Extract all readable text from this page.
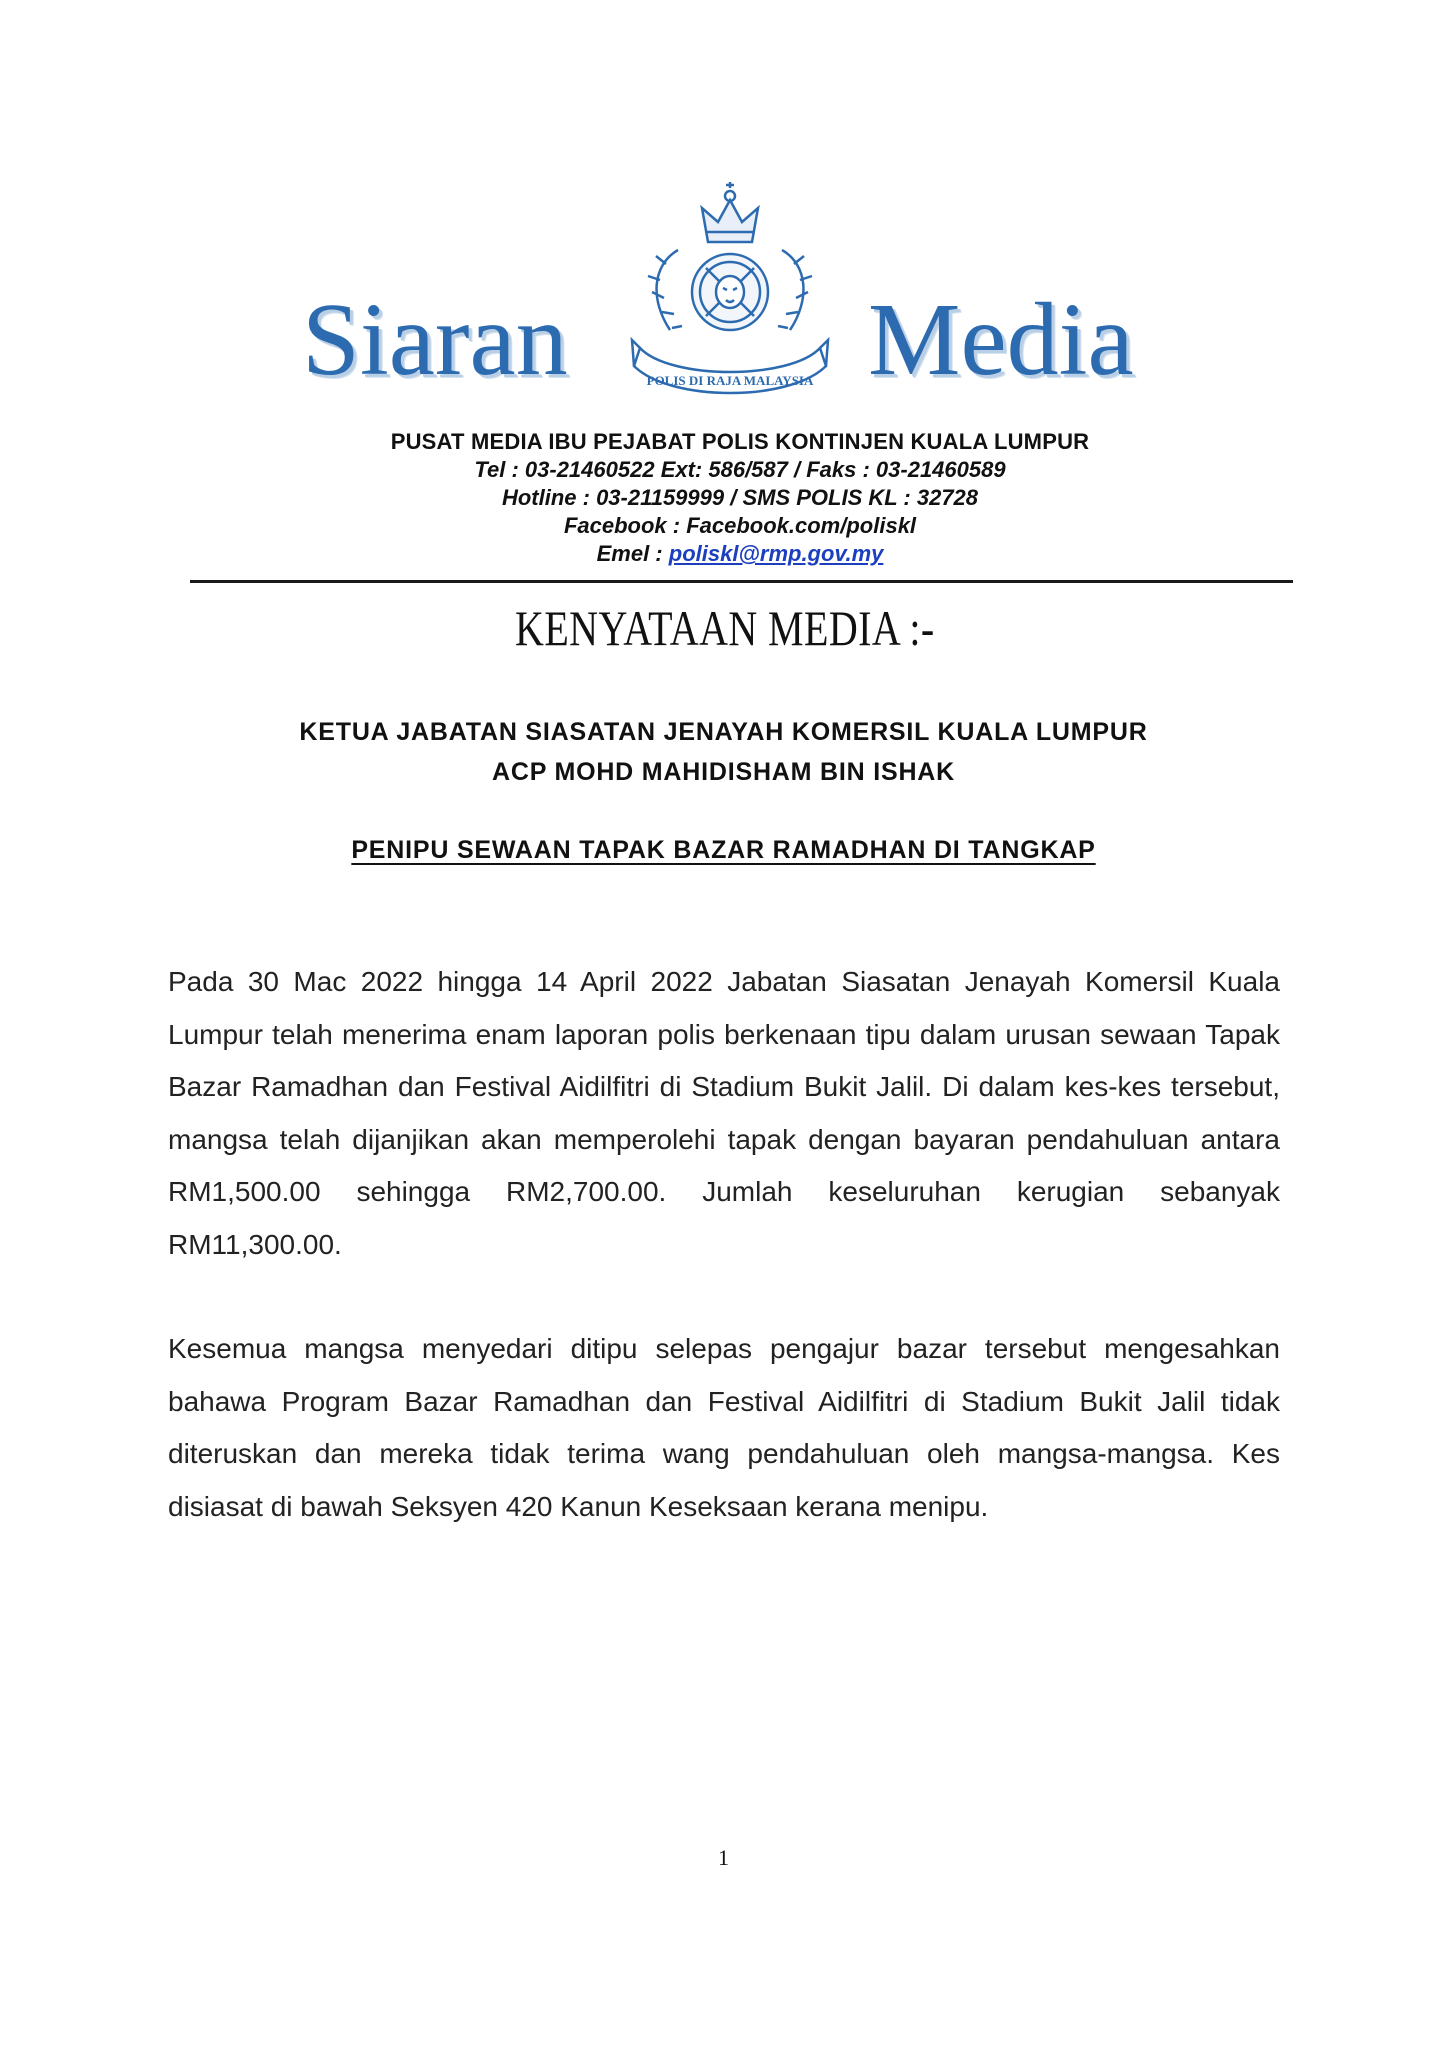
Siaran	POLIS DI RAJA MALAYSIA Media
PUSAT MEDIA IBU PEJABAT POLIS KONTINJEN KUALA LUMPUR
Tel : 03-21460522 Ext: 586/587 / Faks : 03-21460589
Hotline : 03-21159999 / SMS POLIS KL : 32728
Facebook : Facebook.com/poliskl
Emel : poliskl@rmp.gov.my
KENYATAAN MEDIA :-
KETUA JABATAN SIASATAN JENAYAH KOMERSIL KUALA LUMPUR
ACP MOHD MAHIDISHAM BIN ISHAK
PENIPU SEWAAN TAPAK BAZAR RAMADHAN DI TANGKAP

Pada 30 Mac 2022 hingga 14 April 2022 Jabatan Siasatan Jenayah Komersil Kuala Lumpur telah menerima enam laporan polis berkenaan tipu dalam urusan sewaan Tapak Bazar Ramadhan dan Festival Aidilfitri di Stadium Bukit Jalil. Di dalam kes-kes tersebut, mangsa telah dijanjikan akan memperolehi tapak dengan bayaran pendahuluan antara RM1,500.00 sehingga RM2,700.00. Jumlah keseluruhan kerugian sebanyak RM11,300.00.

Kesemua mangsa menyedari ditipu selepas pengajur bazar tersebut mengesahkan bahawa Program Bazar Ramadhan dan Festival Aidilfitri di Stadium Bukit Jalil tidak diteruskan dan mereka tidak terima wang pendahuluan oleh mangsa-mangsa. Kes disiasat di bawah Seksyen 420 Kanun Keseksaan kerana menipu.

1
